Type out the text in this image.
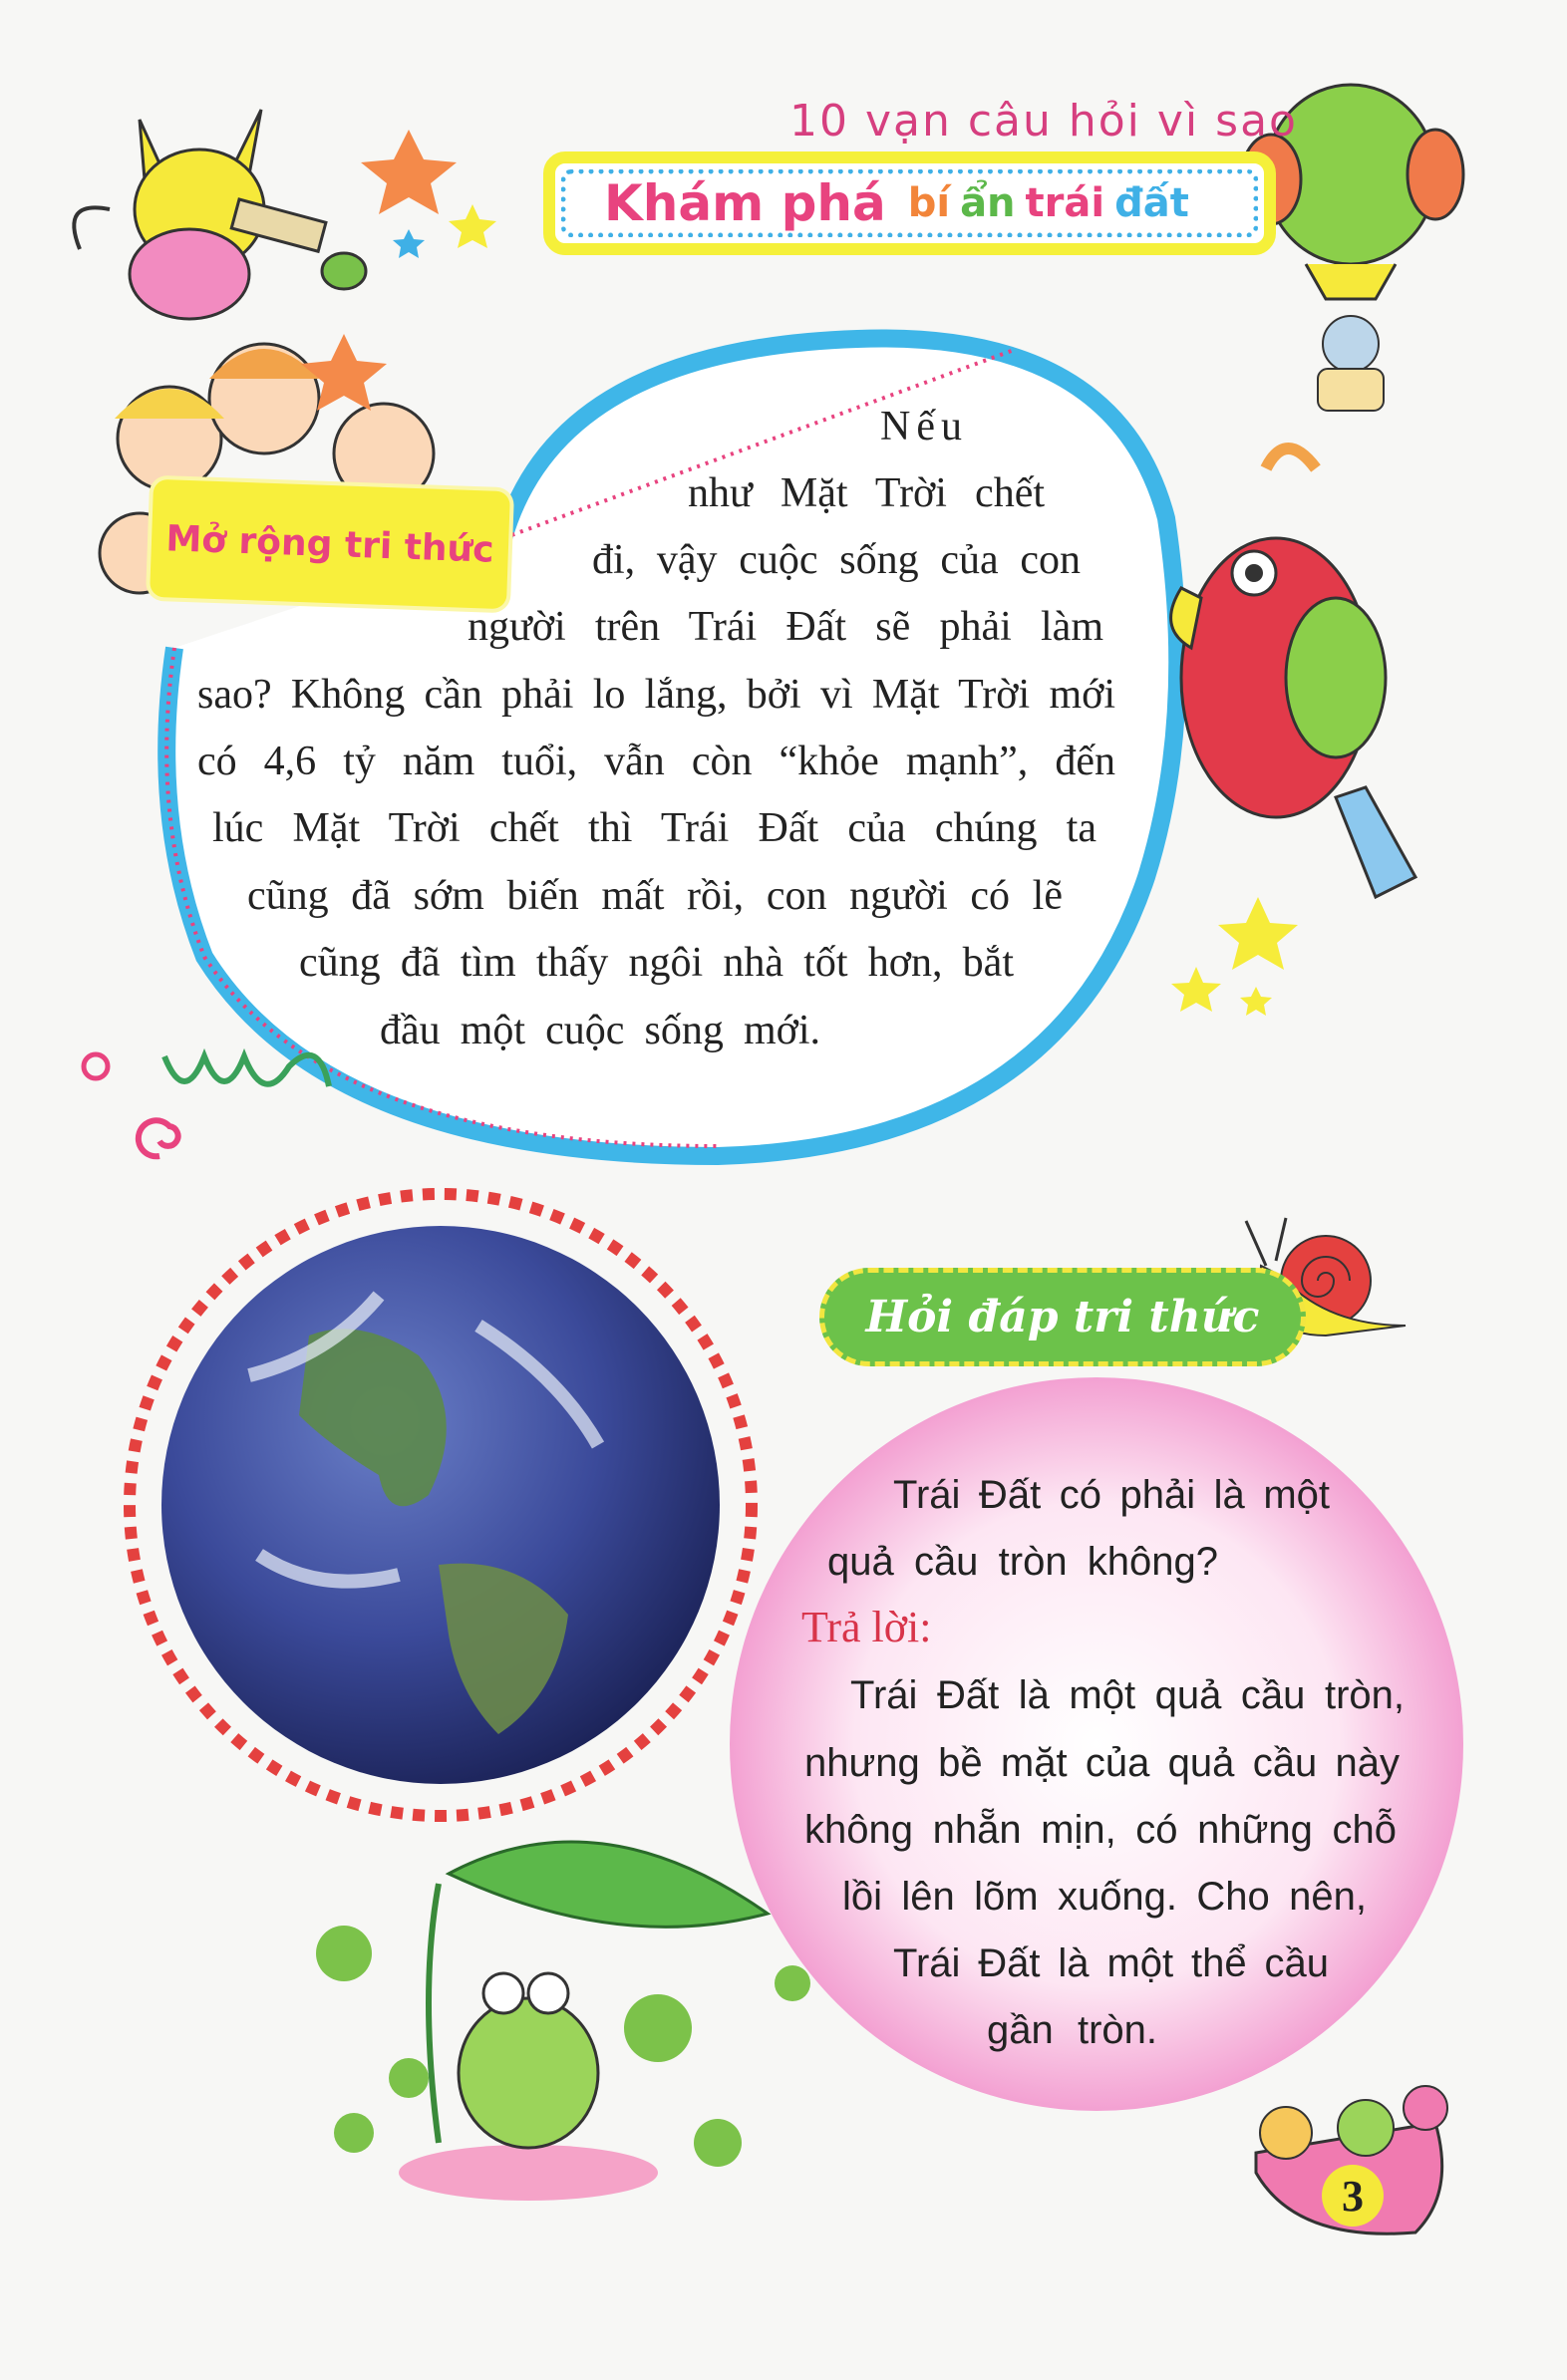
10 vạn câu hỏi vì sao
Khám phá bí ẩn trái đất
Mở rộng tri thức
Nếu
như Mặt Trời chết
đi, vậy cuộc sống của con
người trên Trái Đất sẽ phải làm
sao? Không cần phải lo lắng, bởi vì Mặt Trời mới
có 4,6 tỷ năm tuổi, vẫn còn “khỏe mạnh”, đến
lúc Mặt Trời chết thì Trái Đất của chúng ta
cũng đã sớm biến mất rồi, con người có lẽ
cũng đã tìm thấy ngôi nhà tốt hơn, bắt
đầu một cuộc sống mới.
Hỏi đáp tri thức
Trái Đất có phải là một
quả cầu tròn không?
Trả lời:
Trái Đất là một quả cầu tròn,
nhưng bề mặt của quả cầu này
không nhẵn mịn, có những chỗ
lồi lên lõm xuống. Cho nên,
Trái Đất là một thể cầu
gần tròn.
3
